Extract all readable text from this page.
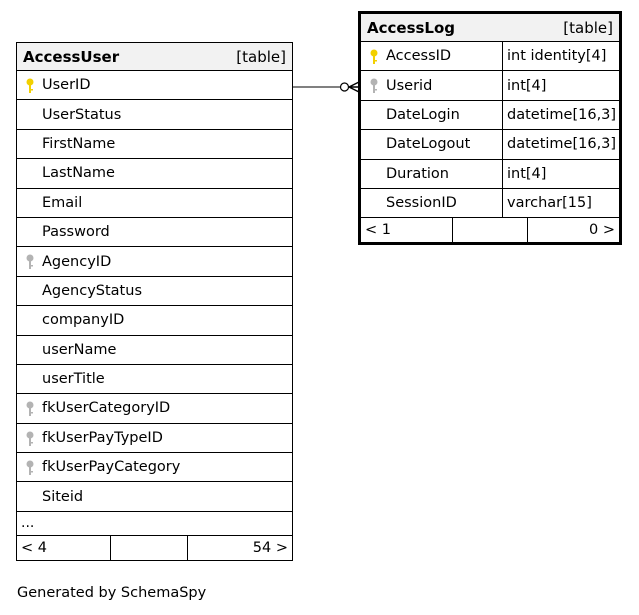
AccessUser	[table]
UserID
UserStatus
FirstName
LastName
Email
Password
AgencyID
AgencyStatus
companyID
userName
userTitle
fkUserCategoryID
fkUserPayTypeID
fkUserPayCategory
Siteid
...
< 4	54 >
AccessLog	[table]
AccessID	int identity[4]
Userid	int[4]
DateLogin	datetime[16,3]
DateLogout	datetime[16,3]
Duration	int[4]
SessionID	varchar[15]
< 1	0 >
Generated by SchemaSpy
